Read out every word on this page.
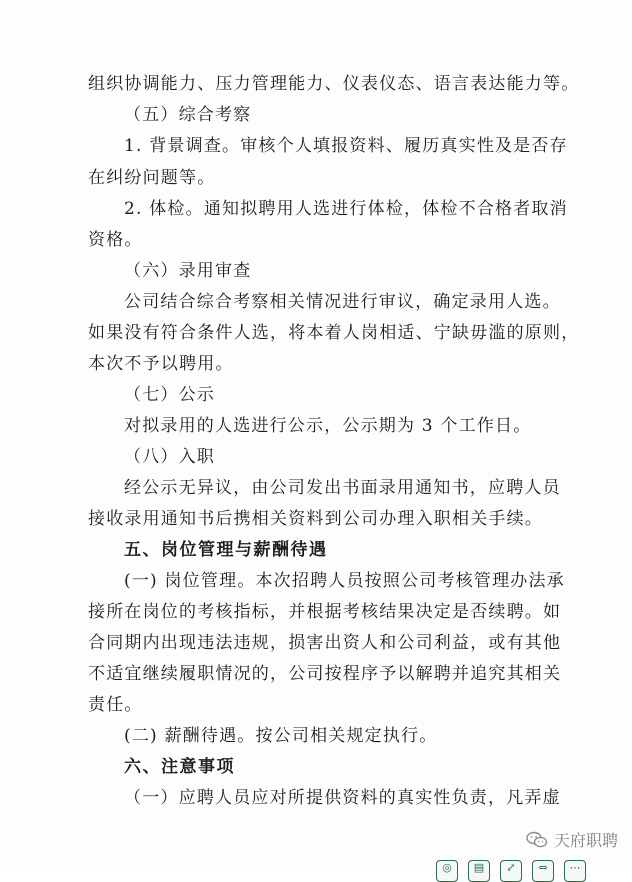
组织协调能力、压力管理能力、仪表仪态、语言表达能力等。
（五）综合考察
1. 背景调查。审核个人填报资料、履历真实性及是否存
在纠纷问题等。
2. 体检。通知拟聘用人选进行体检，体检不合格者取消
资格。
（六）录用审查
公司结合综合考察相关情况进行审议，确定录用人选。
如果没有符合条件人选，将本着人岗相适、宁缺毋滥的原则，
本次不予以聘用。
（七）公示
对拟录用的人选进行公示，公示期为 3 个工作日。
（八）入职
经公示无异议，由公司发出书面录用通知书，应聘人员
接收录用通知书后携相关资料到公司办理入职相关手续。
五、岗位管理与薪酬待遇
(一) 岗位管理。本次招聘人员按照公司考核管理办法承
接所在岗位的考核指标，并根据考核结果决定是否续聘。如
合同期内出现违法违规，损害出资人和公司利益，或有其他
不适宜继续履职情况的，公司按程序予以解聘并追究其相关
责任。
(二) 薪酬待遇。按公司相关规定执行。
六、注意事项
（一）应聘人员应对所提供资料的真实性负责，凡弄虚
天府职聘
◎	▤	⤢	⇔	⋯
